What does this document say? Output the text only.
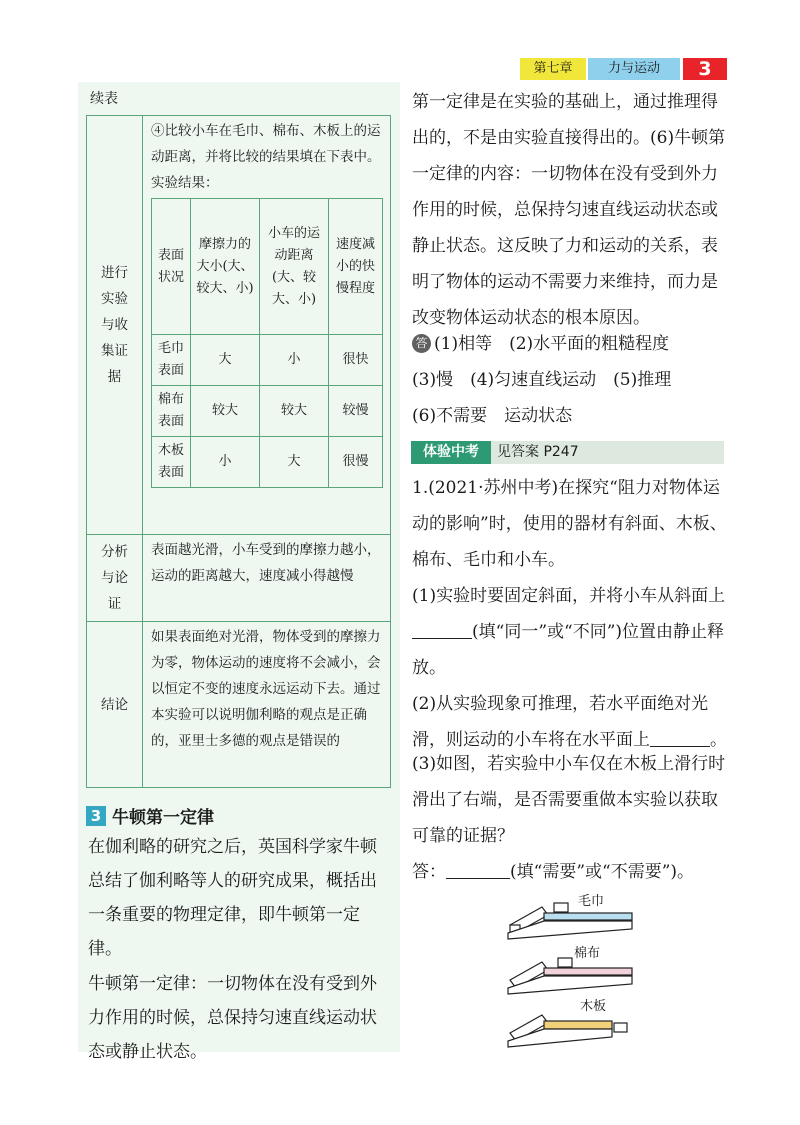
第七章	力与运动	3
续表
进行实验与收集证据

④比较小车在毛巾、棉布、木板上的运动距离，并将比较的结果填在下表中。
实验结果：
表面状况	摩擦力的大小(大、较大、小)	小车的运动距离(大、较大、小)	速度减小的快慢程度
毛巾表面	大	小	很快
棉布表面	较大	较大	较慢
木板表面	小	大	很慢

分析与论证
	表面越光滑，小车受到的摩擦力越小，运动的距离越大，速度减小得越慢

结论
	如果表面绝对光滑，物体受到的摩擦力为零，物体运动的速度将不会减小，会以恒定不变的速度永远运动下去。通过本实验可以说明伽利略的观点是正确的，亚里士多德的观点是错误的
3 牛顿第一定律
在伽利略的研究之后，英国科学家牛顿总结了伽利略等人的研究成果，概括出一条重要的物理定律，即牛顿第一定律。
牛顿第一定律：一切物体在没有受到外力作用的时候，总保持匀速直线运动状态或静止状态。
第一定律是在实验的基础上，通过推理得出的，不是由实验直接得出的。(6)牛顿第一定律的内容：一切物体在没有受到外力作用的时候，总保持匀速直线运动状态或静止状态。这反映了力和运动的关系，表明了物体的运动不需要力来维持，而力是改变物体运动状态的根本原因。
答 (1)相等　(2)水平面的粗糙程度
(3)慢　(4)匀速直线运动　(5)推理
(6)不需要　运动状态
体验中考	见答案 P247
1.(2021·苏州中考)在探究“阻力对物体运动的影响”时，使用的器材有斜面、木板、棉布、毛巾和小车。
(1)实验时要固定斜面，并将小车从斜面上(填“同一”或“不同”)位置由静止释放。
(2)从实验现象可推理，若水平面绝对光滑，则运动的小车将在水平面上	。
(3)如图，若实验中小车仅在木板上滑行时滑出了右端，是否需要重做本实验以获取可靠的证据？
答：	(填“需要”或“不需要”)。
毛巾
棉布
木板
